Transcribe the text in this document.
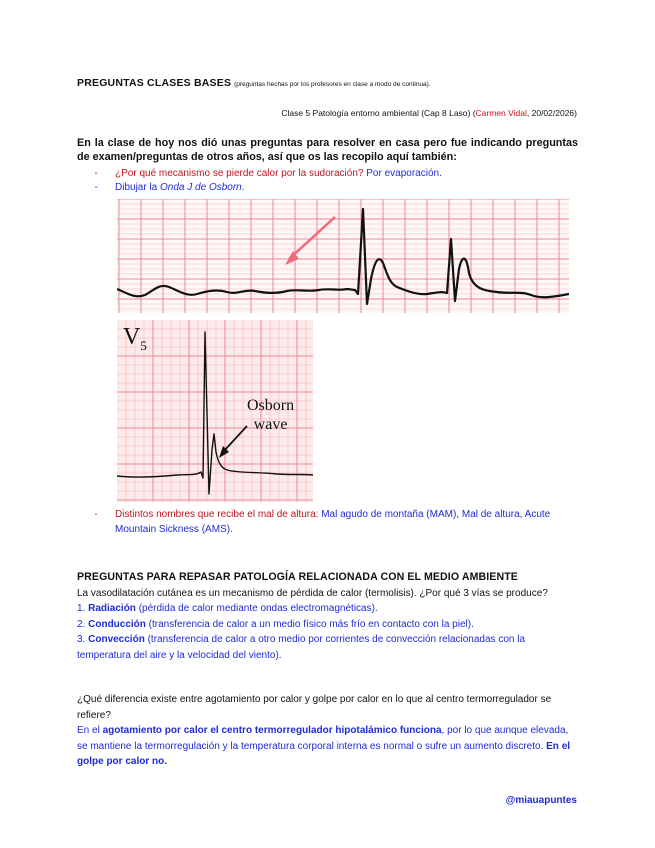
PREGUNTAS CLASES BASES (preguntas hechas por los profesores en clase a modo de continua).
Clase 5 Patología entorno ambiental (Cap 8 Laso) (Carmen Vidal, 20/02/2026)
En la clase de hoy nos dió unas preguntas para resolver en casa pero fue indicando preguntas de examen/preguntas de otros años, así que os las recopilo aquí también:
-	¿Por qué mecanismo se pierde calor por la sudoración? Por evaporación.
-	Dibujar la Onda J de Osborn.
$V_5$
Osborn
wave
-	Distintos nombres que recibe el mal de altura: Mal agudo de montaña (MAM), Mal de altura, Acute Mountain Sickness (AMS).
PREGUNTAS PARA REPASAR PATOLOGÍA RELACIONADA CON EL MEDIO AMBIENTE

La vasodilatación cutánea es un mecanismo de pérdida de calor (termolisis). ¿Por qué 3 vías se produce?

1. Radiación (pérdida de calor mediante ondas electromagnéticas).

2. Conducción (transferencia de calor a un medio físico más frío en contacto con la piel).

3. Convección (transferencia de calor a otro medio por corrientes de convección relacionadas con la temperatura del aire y la velocidad del viento).

¿Qué diferencia existe entre agotamiento por calor y golpe por calor en lo que al centro termorregulador se refiere?

En el agotamiento por calor el centro termorregulador hipotalámico funciona, por lo que aunque elevada, se mantiene la termorregulación y la temperatura corporal interna es normal o sufre un aumento discreto. En el golpe por calor no.

@miauapuntes
